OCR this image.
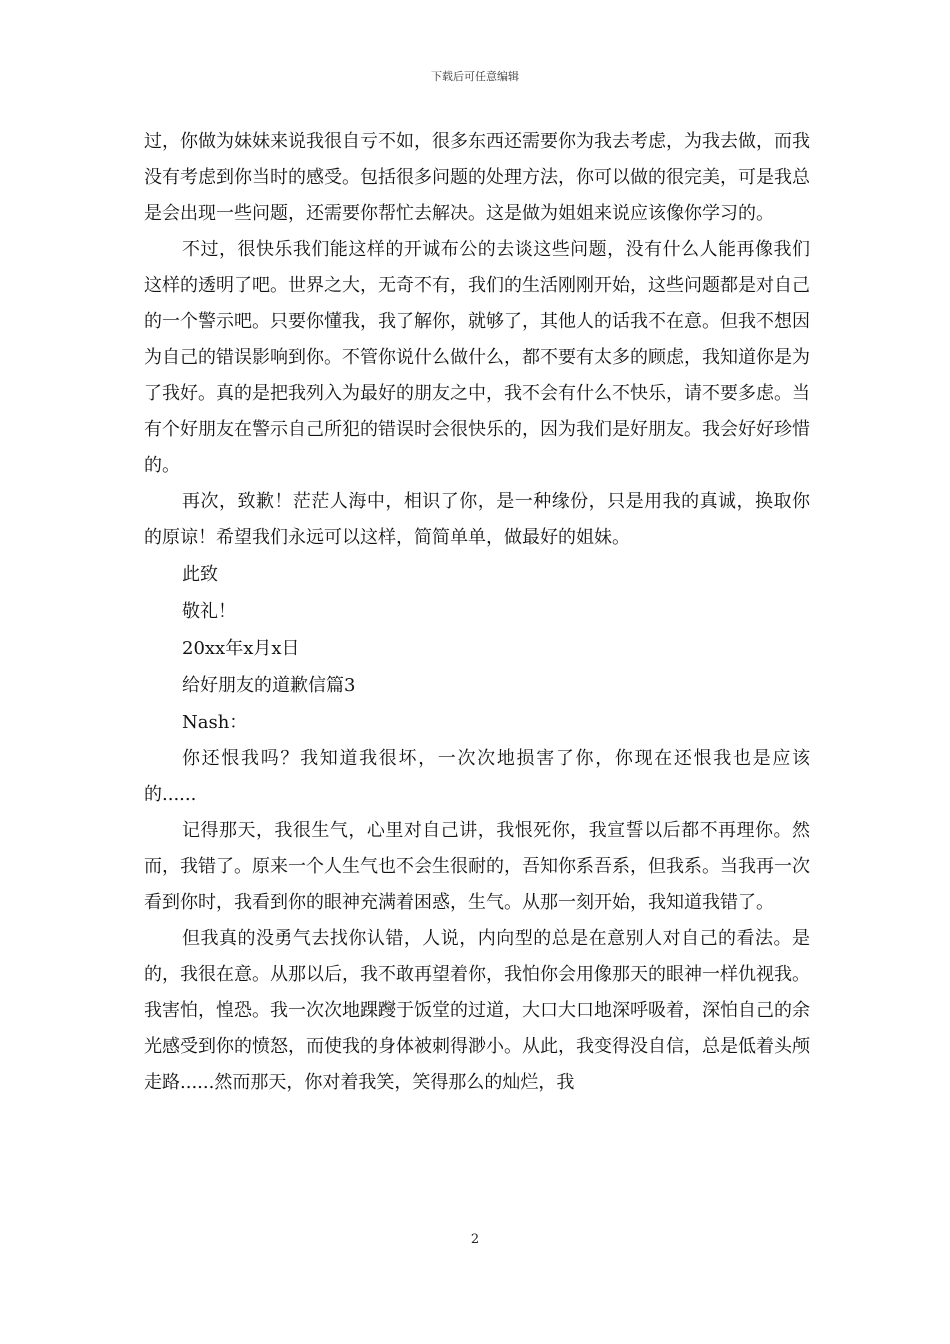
下载后可任意编辑

过，你做为妹妹来说我很自亏不如，很多东西还需要你为我去考虑，为我去做，而我没有考虑到你当时的感受。包括很多问题的处理方法，你可以做的很完美，可是我总是会出现一些问题，还需要你帮忙去解决。这是做为姐姐来说应该像你学习的。

不过，很快乐我们能这样的开诚布公的去谈这些问题，没有什么人能再像我们这样的透明了吧。世界之大，无奇不有，我们的生活刚刚开始，这些问题都是对自己的一个警示吧。只要你懂我，我了解你，就够了，其他人的话我不在意。但我不想因为自己的错误影响到你。不管你说什么做什么，都不要有太多的顾虑，我知道你是为了我好。真的是把我列入为最好的朋友之中，我不会有什么不快乐，请不要多虑。当有个好朋友在警示自己所犯的错误时会很快乐的，因为我们是好朋友。我会好好珍惜的。

再次，致歉！茫茫人海中，相识了你，是一种缘份，只是用我的真诚，换取你的原谅！希望我们永远可以这样，简简单单，做最好的姐妹。

此致

敬礼！

20xx年x月x日

给好朋友的道歉信篇3

Nash：

你还恨我吗？我知道我很坏，一次次地损害了你，你现在还恨我也是应该的......

记得那天，我很生气，心里对自己讲，我恨死你，我宣誓以后都不再理你。然而，我错了。原来一个人生气也不会生很耐的，吾知你系吾系，但我系。当我再一次看到你时，我看到你的眼神充满着困惑，生气。从那一刻开始，我知道我错了。

但我真的没勇气去找你认错，人说，内向型的总是在意别人对自己的看法。是的，我很在意。从那以后，我不敢再望着你，我怕你会用像那天的眼神一样仇视我。我害怕，惶恐。我一次次地踝躞于饭堂的过道，大口大口地深呼吸着，深怕自己的余光感受到你的愤怒，而使我的身体被刺得渺小。从此，我变得没自信，总是低着头颅走路......然而那天，你对着我笑，笑得那么的灿烂，我

2
